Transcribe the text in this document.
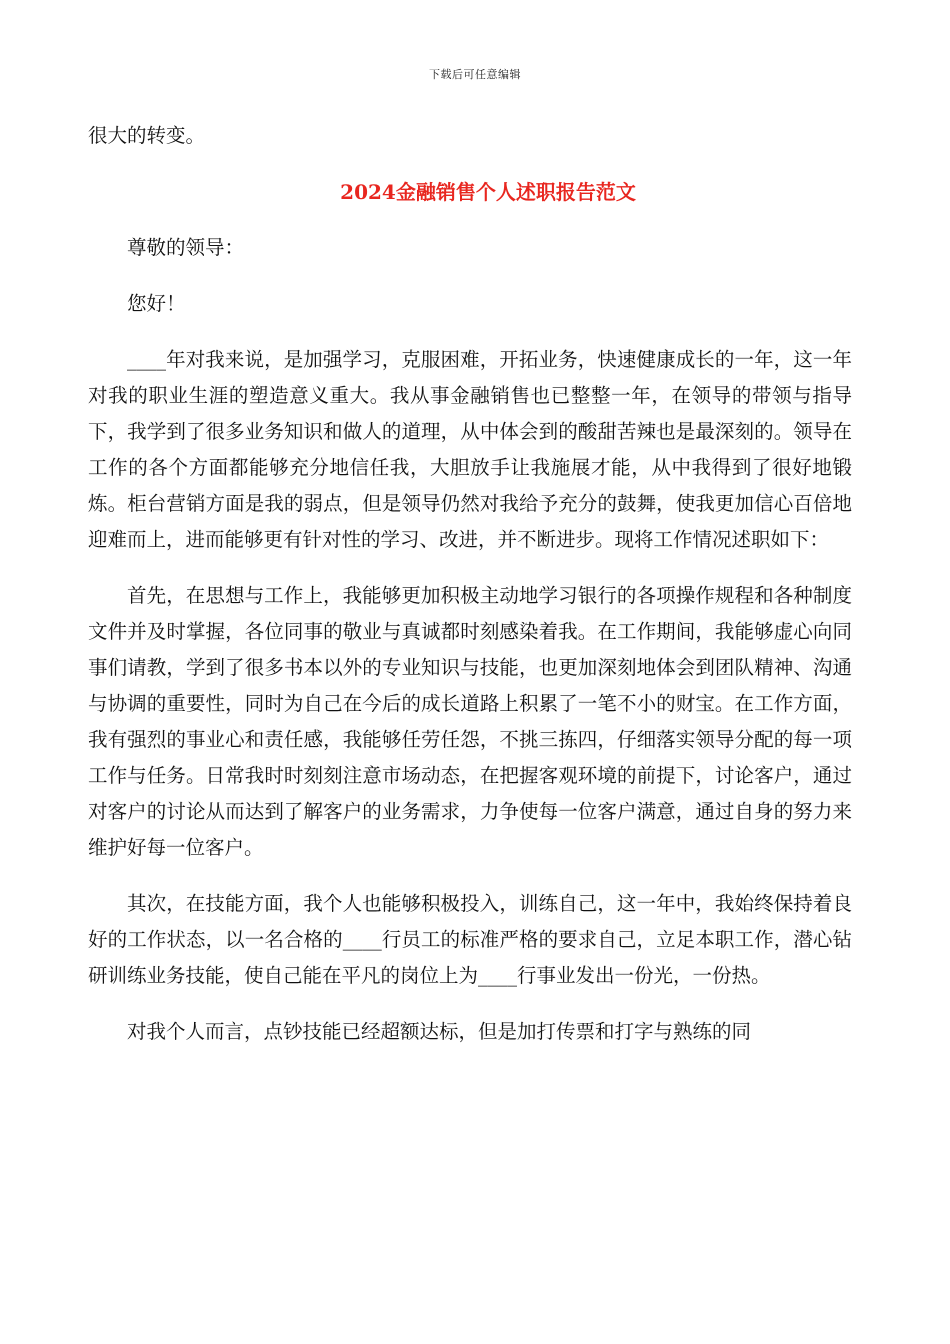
下载后可任意编辑

很大的转变。

2024金融销售个人述职报告范文

尊敬的领导：

您好！

____年对我来说，是加强学习，克服困难，开拓业务，快速健康成长的一年，这一年对我的职业生涯的塑造意义重大。我从事金融销售也已整整一年，在领导的带领与指导下，我学到了很多业务知识和做人的道理，从中体会到的酸甜苦辣也是最深刻的。领导在工作的各个方面都能够充分地信任我，大胆放手让我施展才能，从中我得到了很好地锻炼。柜台营销方面是我的弱点，但是领导仍然对我给予充分的鼓舞，使我更加信心百倍地迎难而上，进而能够更有针对性的学习、改进，并不断进步。现将工作情况述职如下：

首先，在思想与工作上，我能够更加积极主动地学习银行的各项操作规程和各种制度文件并及时掌握，各位同事的敬业与真诚都时刻感染着我。在工作期间，我能够虚心向同事们请教，学到了很多书本以外的专业知识与技能，也更加深刻地体会到团队精神、沟通与协调的重要性，同时为自己在今后的成长道路上积累了一笔不小的财宝。在工作方面，我有强烈的事业心和责任感，我能够任劳任怨，不挑三拣四，仔细落实领导分配的每一项工作与任务。日常我时时刻刻注意市场动态，在把握客观环境的前提下，讨论客户，通过对客户的讨论从而达到了解客户的业务需求，力争使每一位客户满意，通过自身的努力来维护好每一位客户。

其次，在技能方面，我个人也能够积极投入，训练自己，这一年中，我始终保持着良好的工作状态，以一名合格的____行员工的标准严格的要求自己，立足本职工作，潜心钻研训练业务技能，使自己能在平凡的岗位上为____行事业发出一份光，一份热。

对我个人而言，点钞技能已经超额达标，但是加打传票和打字与熟练的同
